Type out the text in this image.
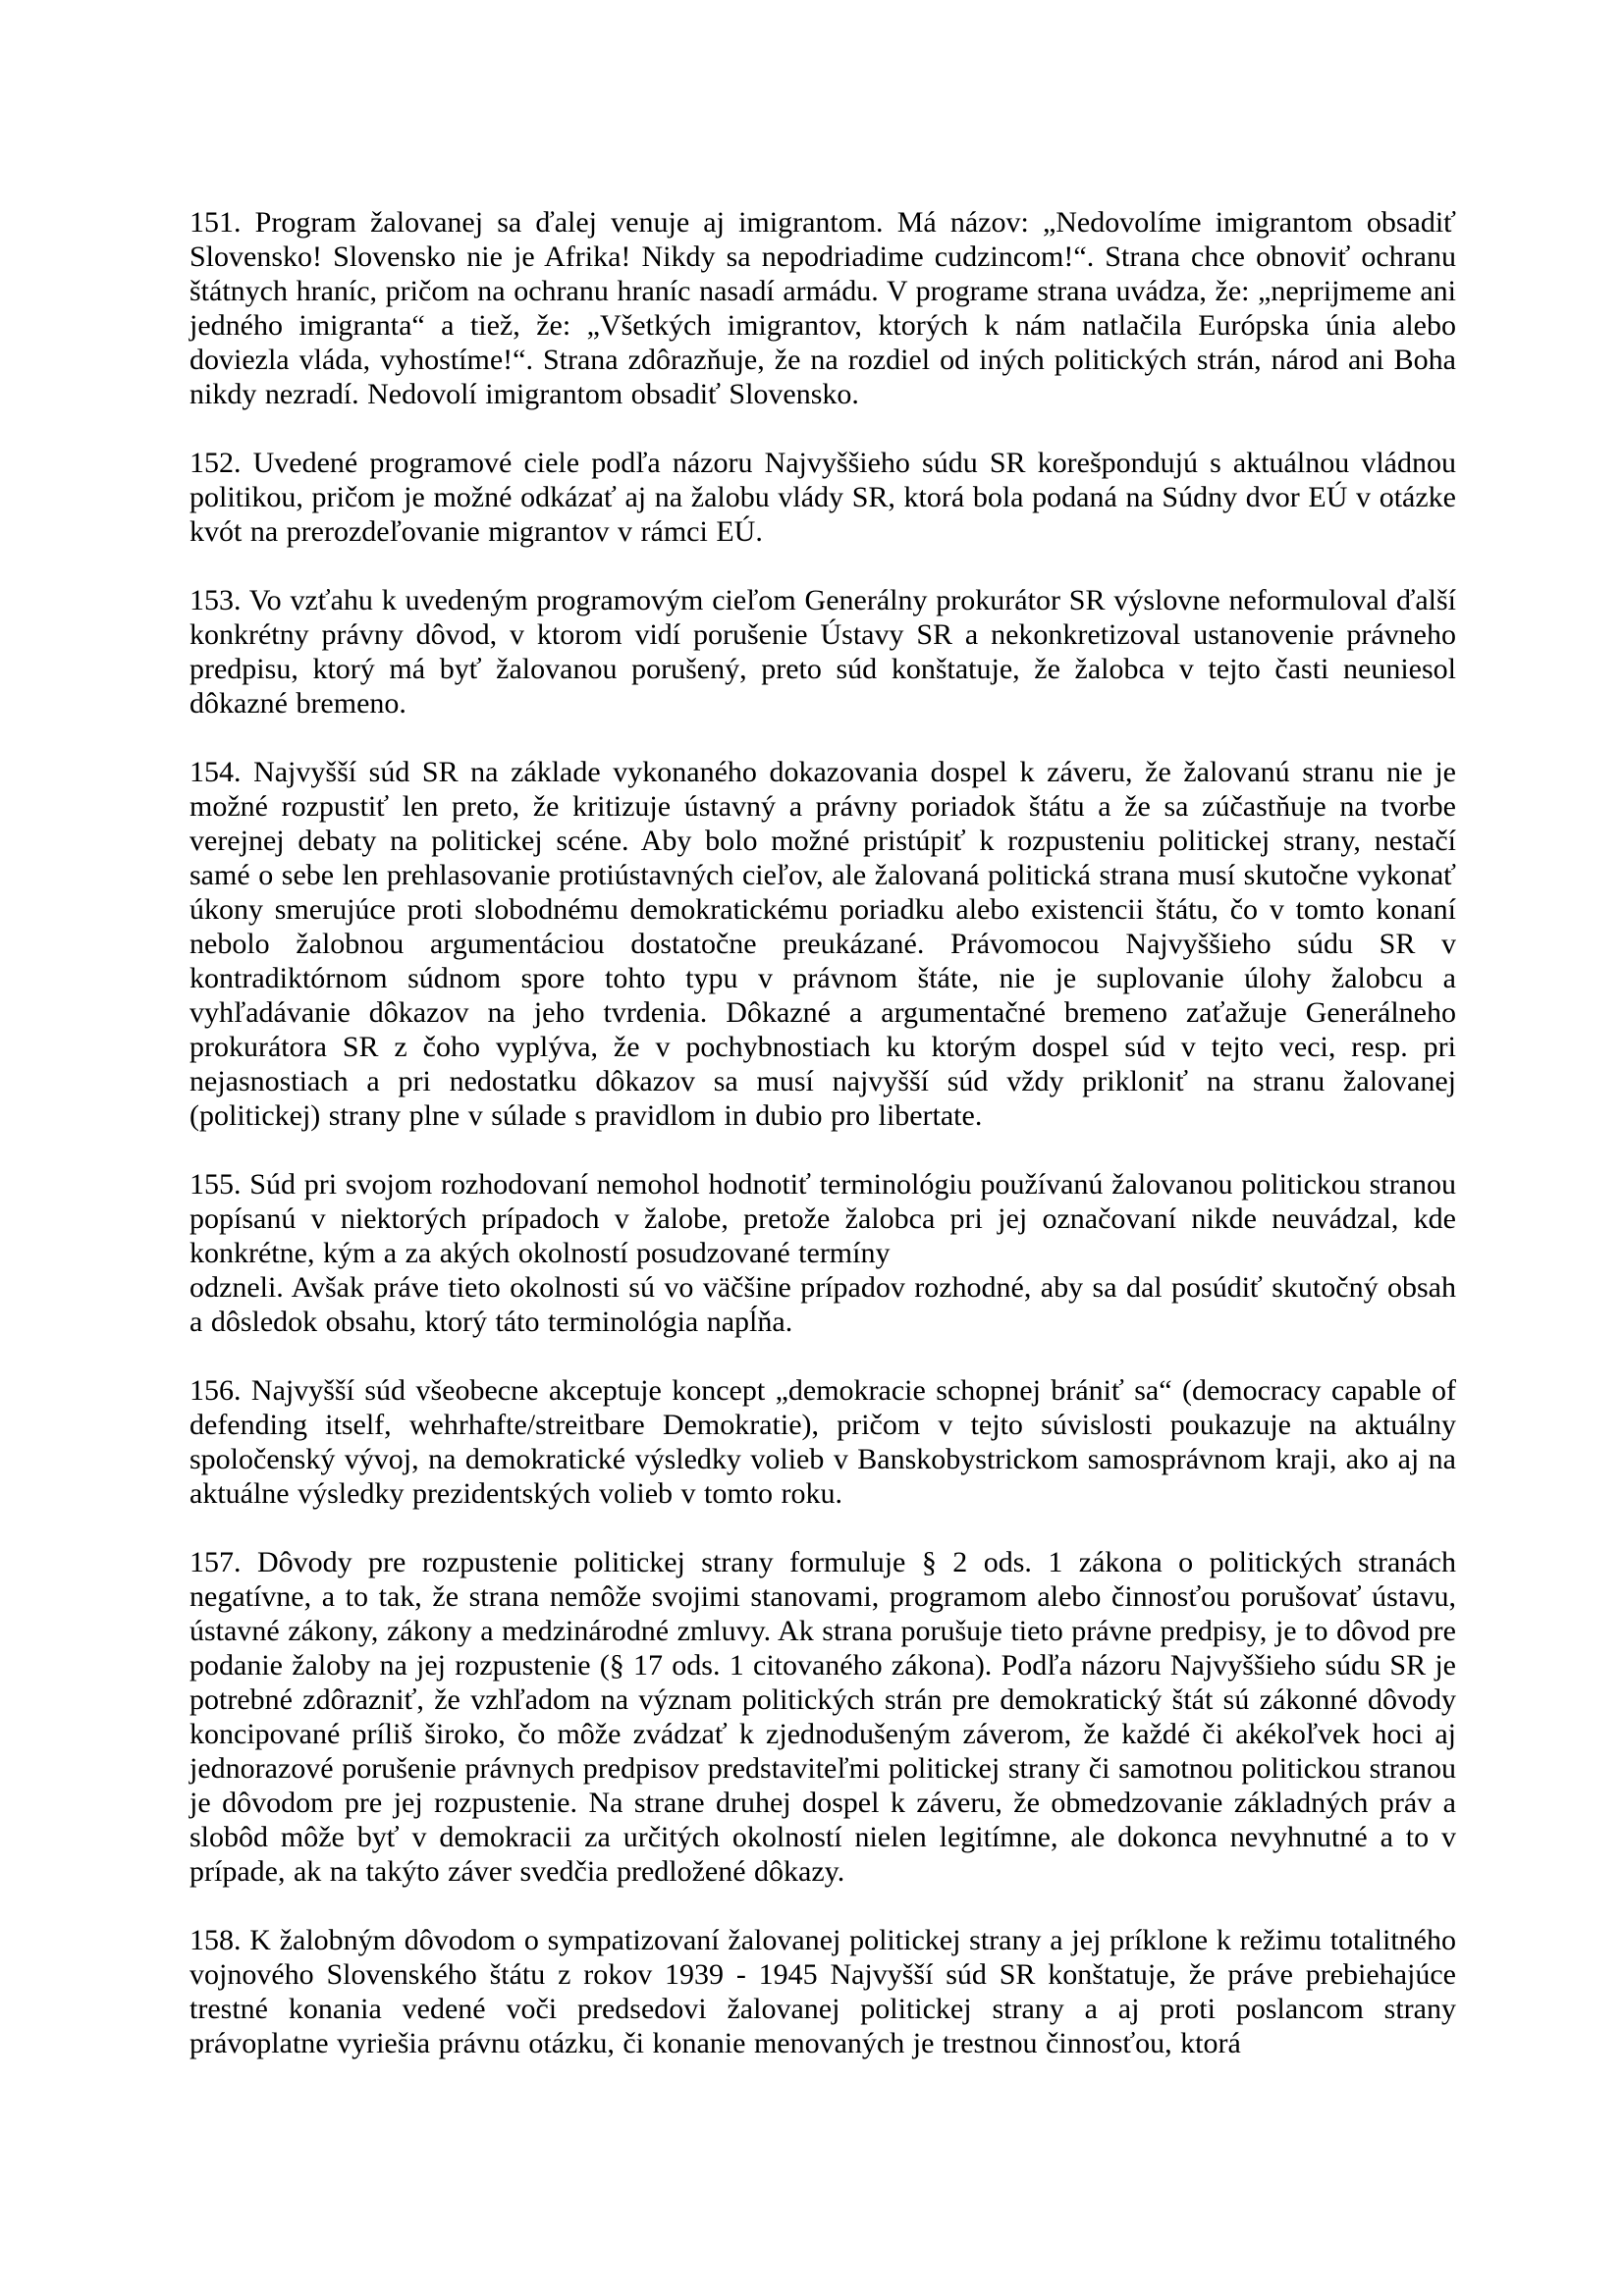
151. Program žalovanej sa ďalej venuje aj imigrantom. Má názov: „Nedovolíme imigrantom obsadiť Slovensko! Slovensko nie je Afrika! Nikdy sa nepodriadime cudzincom!“. Strana chce obnoviť ochranu štátnych hraníc, pričom na ochranu hraníc nasadí armádu. V programe strana uvádza, že: „neprijmeme ani jedného imigranta“ a tiež, že: „Všetkých imigrantov, ktorých k nám natlačila Európska únia alebo doviezla vláda, vyhostíme!“. Strana zdôrazňuje, že na rozdiel od iných politických strán, národ ani Boha nikdy nezradí. Nedovolí imigrantom obsadiť Slovensko.
152. Uvedené programové ciele podľa názoru Najvyššieho súdu SR korešpondujú s aktuálnou vládnou politikou, pričom je možné odkázať aj na žalobu vlády SR, ktorá bola podaná na Súdny dvor EÚ v otázke kvót na prerozdeľovanie migrantov v rámci EÚ.
153. Vo vzťahu k uvedeným programovým cieľom Generálny prokurátor SR výslovne neformuloval ďalší konkrétny právny dôvod, v ktorom vidí porušenie Ústavy SR a nekonkretizoval ustanovenie právneho predpisu, ktorý má byť žalovanou porušený, preto súd konštatuje, že žalobca v tejto časti neuniesol dôkazné bremeno.
154. Najvyšší súd SR na základe vykonaného dokazovania dospel k záveru, že žalovanú stranu nie je možné rozpustiť len preto, že kritizuje ústavný a právny poriadok štátu a že sa zúčastňuje na tvorbe verejnej debaty na politickej scéne. Aby bolo možné pristúpiť k rozpusteniu politickej strany, nestačí samé o sebe len prehlasovanie protiústavných cieľov, ale žalovaná politická strana musí skutočne vykonať úkony smerujúce proti slobodnému demokratickému poriadku alebo existencii štátu, čo v tomto konaní nebolo žalobnou argumentáciou dostatočne preukázané. Právomocou Najvyššieho súdu SR v kontradiktórnom súdnom spore tohto typu v právnom štáte, nie je suplovanie úlohy žalobcu a vyhľadávanie dôkazov na jeho tvrdenia. Dôkazné a argumentačné bremeno zaťažuje Generálneho prokurátora SR z čoho vyplýva, že v pochybnostiach ku ktorým dospel súd v tejto veci, resp. pri nejasnostiach a pri nedostatku dôkazov sa musí najvyšší súd vždy prikloniť na stranu žalovanej (politickej) strany plne v súlade s pravidlom in dubio pro libertate.
155. Súd pri svojom rozhodovaní nemohol hodnotiť terminológiu používanú žalovanou politickou stranou popísanú v niektorých prípadoch v žalobe, pretože žalobca pri jej označovaní nikde neuvádzal, kde konkrétne, kým a za akých okolností posudzované termíny
odzneli. Avšak práve tieto okolnosti sú vo väčšine prípadov rozhodné, aby sa dal posúdiť skutočný obsah a dôsledok obsahu, ktorý táto terminológia napĺňa.
156. Najvyšší súd všeobecne akceptuje koncept „demokracie schopnej brániť sa“ (democracy capable of defending itself, wehrhafte/streitbare Demokratie), pričom v tejto súvislosti poukazuje na aktuálny spoločenský vývoj, na demokratické výsledky volieb v Banskobystrickom samosprávnom kraji, ako aj na aktuálne výsledky prezidentských volieb v tomto roku.
157. Dôvody pre rozpustenie politickej strany formuluje § 2 ods. 1 zákona o politických stranách negatívne, a to tak, že strana nemôže svojimi stanovami, programom alebo činnosťou porušovať ústavu, ústavné zákony, zákony a medzinárodné zmluvy. Ak strana porušuje tieto právne predpisy, je to dôvod pre podanie žaloby na jej rozpustenie (§ 17 ods. 1 citovaného zákona). Podľa názoru Najvyššieho súdu SR je potrebné zdôrazniť, že vzhľadom na význam politických strán pre demokratický štát sú zákonné dôvody koncipované príliš široko, čo môže zvádzať k zjednodušeným záverom, že každé či akékoľvek hoci aj jednorazové porušenie právnych predpisov predstaviteľmi politickej strany či samotnou politickou stranou je dôvodom pre jej rozpustenie. Na strane druhej dospel k záveru, že obmedzovanie základných práv a slobôd môže byť v demokracii za určitých okolností nielen legitímne, ale dokonca nevyhnutné a to v prípade, ak na takýto záver svedčia predložené dôkazy.
158. K žalobným dôvodom o sympatizovaní žalovanej politickej strany a jej príklone k režimu totalitného vojnového Slovenského štátu z rokov 1939 - 1945 Najvyšší súd SR konštatuje, že práve prebiehajúce trestné konania vedené voči predsedovi žalovanej politickej strany a aj proti poslancom strany právoplatne vyriešia právnu otázku, či konanie menovaných je trestnou činnosťou, ktorá
